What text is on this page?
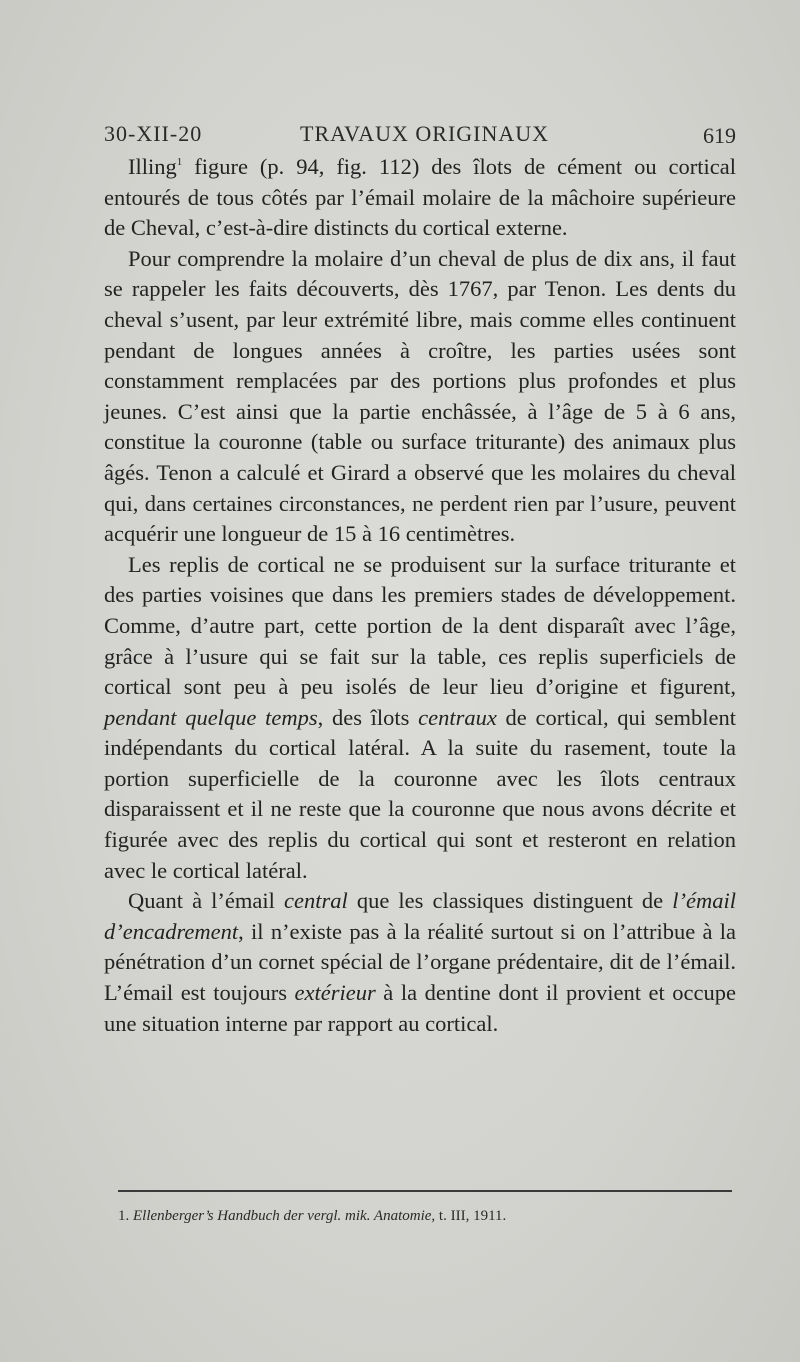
30-XII-20	TRAVAUX ORIGINAUX	619

Illing$^1$ figure (p. 94, fig. 112) des îlots de cément ou cortical entourés de tous côtés par l’émail molaire de la mâchoire supérieure de Cheval, c’est-à-dire distincts du cortical externe.

Pour comprendre la molaire d’un cheval de plus de dix ans, il faut se rappeler les faits découverts, dès 1767, par Tenon. Les dents du cheval s’usent, par leur extrémité libre, mais comme elles continuent pendant de longues années à croître, les parties usées sont constamment remplacées par des portions plus profondes et plus jeunes. C’est ainsi que la partie enchâssée, à l’âge de 5 à 6 ans, constitue la couronne (table ou surface triturante) des animaux plus âgés. Tenon a calculé et Girard a observé que les molaires du cheval qui, dans certaines circonstances, ne perdent rien par l’usure, peuvent acquérir une longueur de 15 à 16 centimètres.

Les replis de cortical ne se produisent sur la surface triturante et des parties voisines que dans les premiers stades de développement. Comme, d’autre part, cette portion de la dent disparaît avec l’âge, grâce à l’usure qui se fait sur la table, ces replis superficiels de cortical sont peu à peu isolés de leur lieu d’origine et figurent, pendant quelque temps, des îlots centraux de cortical, qui semblent indépendants du cortical latéral. A la suite du rasement, toute la portion superficielle de la couronne avec les îlots centraux disparaissent et il ne reste que la couronne que nous avons décrite et figurée avec des replis du cortical qui sont et resteront en relation avec le cortical latéral.

Quant à l’émail central que les classiques distinguent de l’émail d’encadrement, il n’existe pas à la réalité surtout si on l’attribue à la pénétration d’un cornet spécial de l’organe prédentaire, dit de l’émail. L’émail est toujours extérieur à la dentine dont il provient et occupe une situation interne par rapport au cortical.

1. Ellenberger’s Handbuch der vergl. mik. Anatomie, t. III, 1911.
